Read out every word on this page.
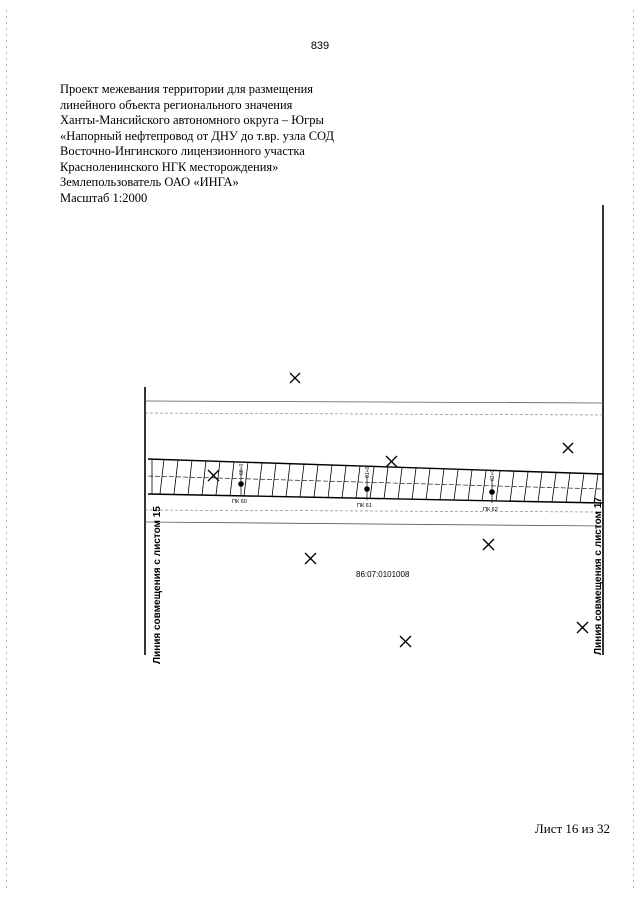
839
Проект межевания территории для размещения
линейного объекта регионального значения
Ханты-Мансийского автономного округа – Югры
«Напорный нефтепровод от ДНУ до т.вр. узла СОД
Восточно-Ингинского лицензионного участка
Красноленинского НГК месторождения»
Землепользователь ОАО «ИНГА»
Масштаб 1:2000
ПК 60
ПК 61
ПК 62
60+0	61+0	62+0
86:07:0101008
Линия совмещения с листом 15	Линия совмещения с листом 17
Лист 16 из 32
